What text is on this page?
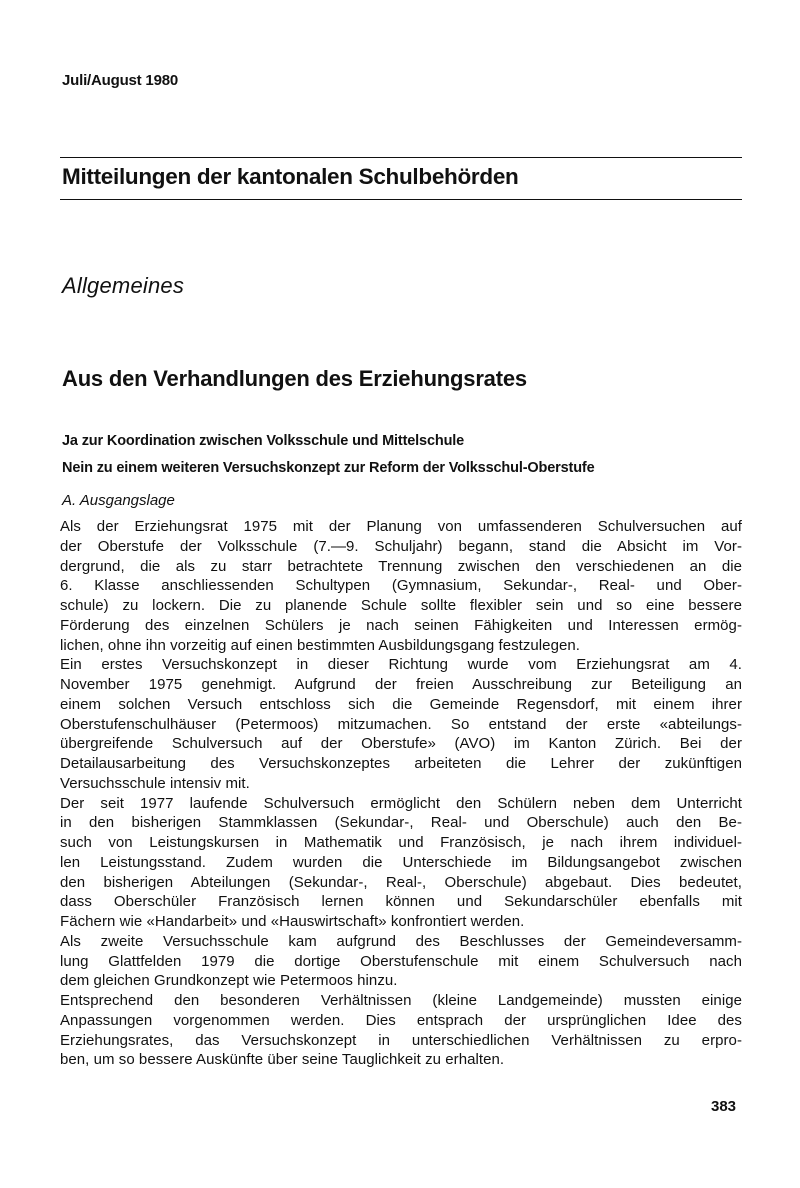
Juli/August 1980
Mitteilungen der kantonalen Schulbehörden
Allgemeines
Aus den Verhandlungen des Erziehungsrates
Ja zur Koordination zwischen Volksschule und Mittelschule
Nein zu einem weiteren Versuchskonzept zur Reform der Volksschul-Oberstufe
A. Ausgangslage

Als der Erziehungsrat 1975 mit der Planung von umfassenderen Schulversuchen auf
der Oberstufe der Volksschule (7.—9. Schuljahr) begann, stand die Absicht im Vor-
dergrund, die als zu starr betrachtete Trennung zwischen den verschiedenen an die
6. Klasse anschliessenden Schultypen (Gymnasium, Sekundar-, Real- und Ober-
schule) zu lockern. Die zu planende Schule sollte flexibler sein und so eine bessere
Förderung des einzelnen Schülers je nach seinen Fähigkeiten und Interessen ermög-
lichen, ohne ihn vorzeitig auf einen bestimmten Ausbildungsgang festzulegen.

Ein erstes Versuchskonzept in dieser Richtung wurde vom Erziehungsrat am 4.
November 1975 genehmigt. Aufgrund der freien Ausschreibung zur Beteiligung an
einem solchen Versuch entschloss sich die Gemeinde Regensdorf, mit einem ihrer
Oberstufenschulhäuser (Petermoos) mitzumachen. So entstand der erste «abteilungs-
übergreifende Schulversuch auf der Oberstufe» (AVO) im Kanton Zürich. Bei der
Detailausarbeitung des Versuchskonzeptes arbeiteten die Lehrer der zukünftigen
Versuchsschule intensiv mit.

Der seit 1977 laufende Schulversuch ermöglicht den Schülern neben dem Unterricht
in den bisherigen Stammklassen (Sekundar-, Real- und Oberschule) auch den Be-
such von Leistungskursen in Mathematik und Französisch, je nach ihrem individuel-
len Leistungsstand. Zudem wurden die Unterschiede im Bildungsangebot zwischen
den bisherigen Abteilungen (Sekundar-, Real-, Oberschule) abgebaut. Dies bedeutet,
dass Oberschüler Französisch lernen können und Sekundarschüler ebenfalls mit
Fächern wie «Handarbeit» und «Hauswirtschaft» konfrontiert werden.

Als zweite Versuchsschule kam aufgrund des Beschlusses der Gemeindeversamm-
lung Glattfelden 1979 die dortige Oberstufenschule mit einem Schulversuch nach
dem gleichen Grundkonzept wie Petermoos hinzu.

Entsprechend den besonderen Verhältnissen (kleine Landgemeinde) mussten einige
Anpassungen vorgenommen werden. Dies entsprach der ursprünglichen Idee des
Erziehungsrates, das Versuchskonzept in unterschiedlichen Verhältnissen zu erpro-
ben, um so bessere Auskünfte über seine Tauglichkeit zu erhalten.

383
